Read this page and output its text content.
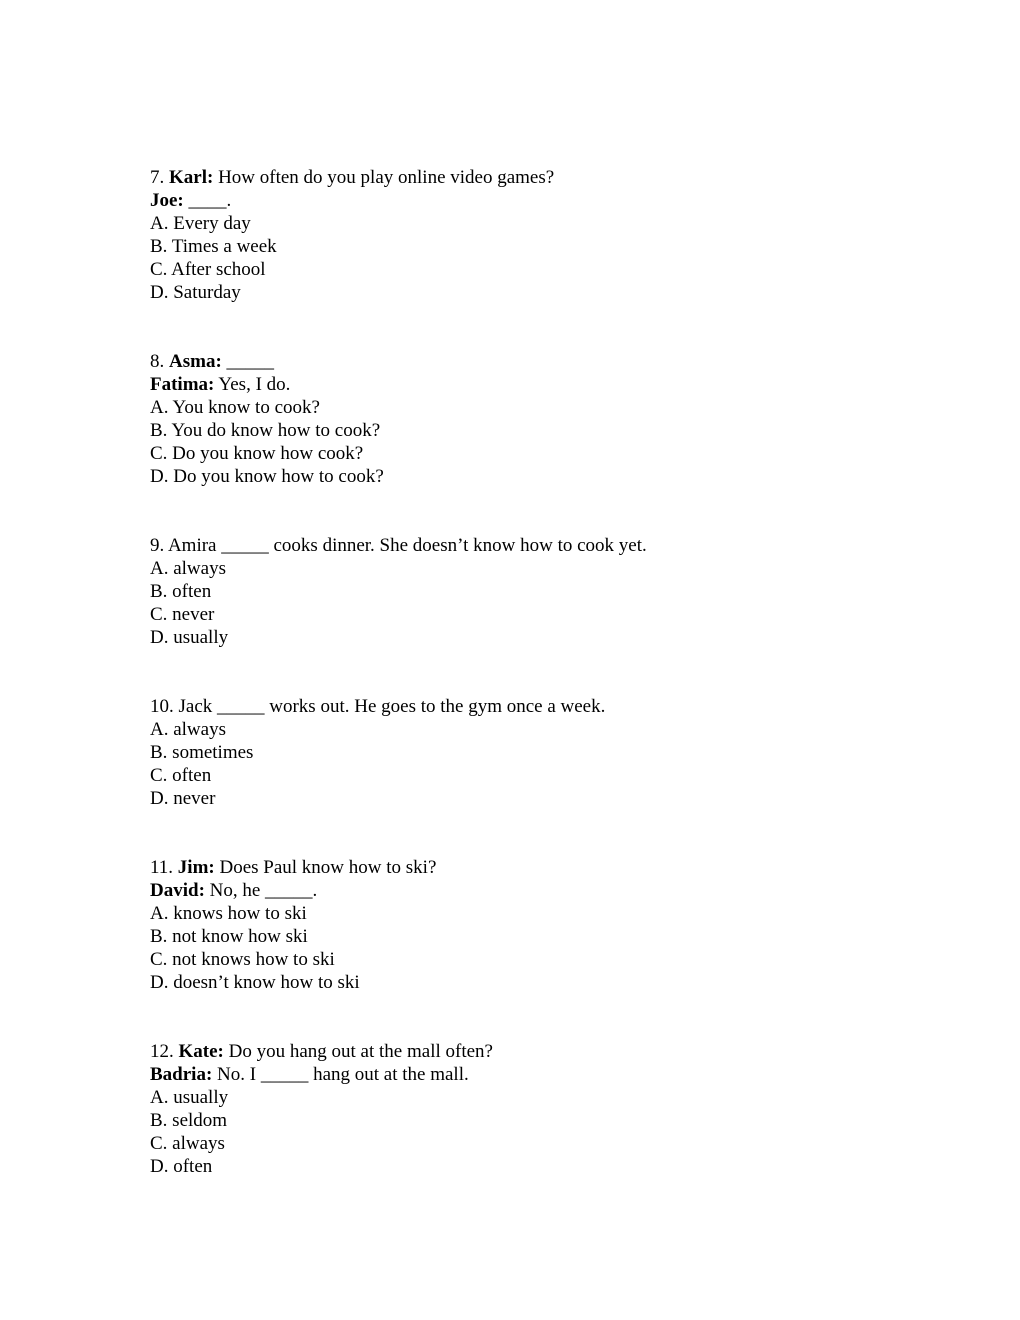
7. Karl: How often do you play online video games?
Joe: ____.
A. Every day
B. Times a week
C. After school
D. Saturday
8. Asma: _____
Fatima: Yes, I do.
A. You know to cook?
B. You do know how to cook?
C. Do you know how cook?
D. Do you know how to cook?
9. Amira _____ cooks dinner. She doesn’t know how to cook yet.
A. always
B. often
C. never
D. usually
10. Jack _____ works out. He goes to the gym once a week.
A. always
B. sometimes
C. often
D. never
11. Jim: Does Paul know how to ski?
David: No, he _____.
A. knows how to ski
B. not know how ski
C. not knows how to ski
D. doesn’t know how to ski
12. Kate: Do you hang out at the mall often?
Badria: No. I _____ hang out at the mall.
A. usually
B. seldom
C. always
D. often
